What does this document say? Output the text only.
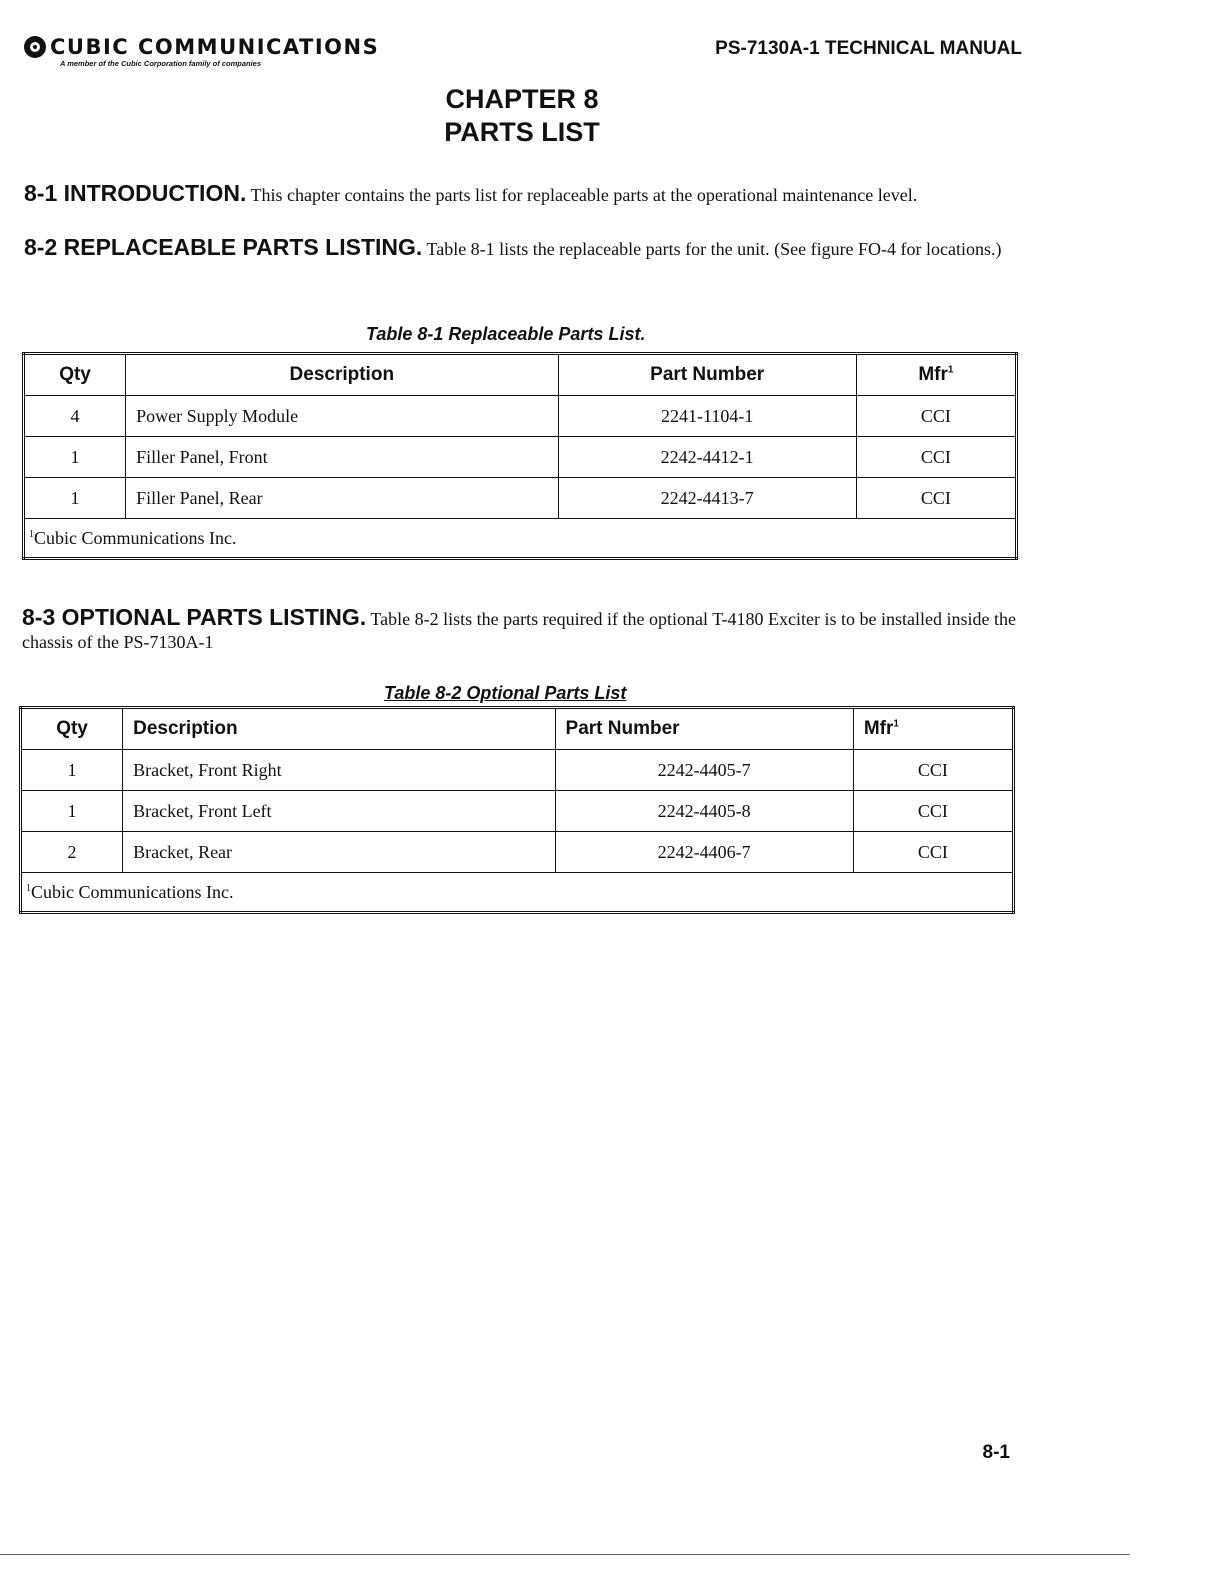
CUBIC COMMUNICATIONS
A member of the Cubic Corporation family of companies
PS-7130A-1 TECHNICAL MANUAL
CHAPTER 8
PARTS LIST
8-1 INTRODUCTION. This chapter contains the parts list for replaceable parts at the operational maintenance level.
8-2 REPLACEABLE PARTS LISTING. Table 8-1 lists the replaceable parts for the unit. (See figure FO-4 for locations.)
Table 8-1 Replaceable Parts List.
Qty	Description	Part Number	Mfr$^1$
4	Power Supply Module	2241-1104-1	CCI
1	Filler Panel, Front	2242-4412-1	CCI
1	Filler Panel, Rear	2242-4413-7	CCI
$^1$Cubic Communications Inc.			
8-3 OPTIONAL PARTS LISTING. Table 8-2 lists the parts required if the optional T-4180 Exciter is to be installed inside the chassis of the PS-7130A-1
Table 8-2 Optional Parts List
Qty	Description	Part Number	Mfr$^1$
1	Bracket, Front Right	2242-4405-7	CCI
1	Bracket, Front Left	2242-4405-8	CCI
2	Bracket, Rear	2242-4406-7	CCI
$^1$Cubic Communications Inc.			
8-1
